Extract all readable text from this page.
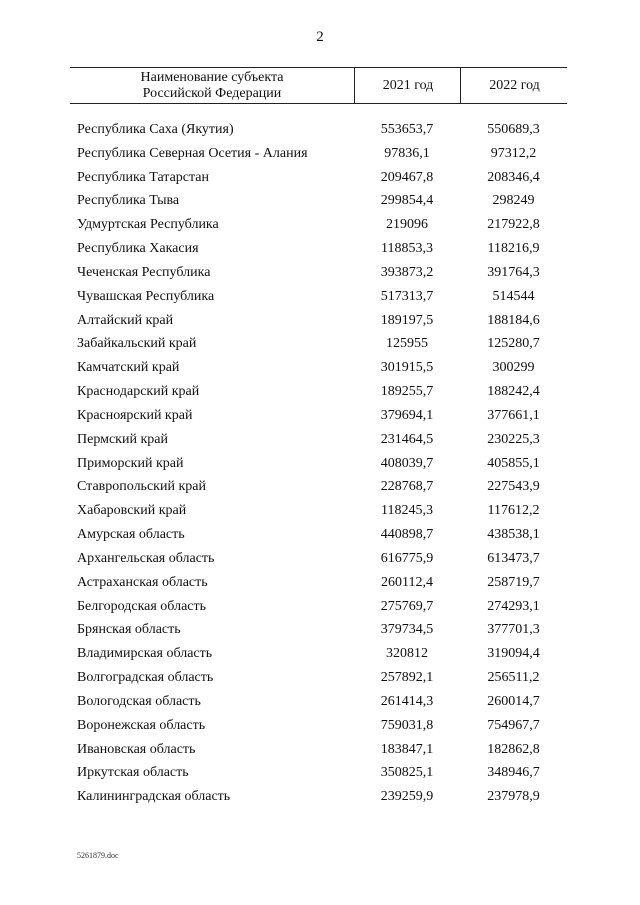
2
Наименование субъекта
Российской Федерации
2021 год	2022 год
Республика Саха (Якутия)	553653,7	550689,3
Республика Северная Осетия - Алания	97836,1	97312,2
Республика Татарстан	209467,8	208346,4
Республика Тыва	299854,4	298249
Удмуртская Республика	219096	217922,8
Республика Хакасия	118853,3	118216,9
Чеченская Республика	393873,2	391764,3
Чувашская Республика	517313,7	514544
Алтайский край	189197,5	188184,6
Забайкальский край	125955	125280,7
Камчатский край	301915,5	300299
Краснодарский край	189255,7	188242,4
Красноярский край	379694,1	377661,1
Пермский край	231464,5	230225,3
Приморский край	408039,7	405855,1
Ставропольский край	228768,7	227543,9
Хабаровский край	118245,3	117612,2
Амурская область	440898,7	438538,1
Архангельская область	616775,9	613473,7
Астраханская область	260112,4	258719,7
Белгородская область	275769,7	274293,1
Брянская область	379734,5	377701,3
Владимирская область	320812	319094,4
Волгоградская область	257892,1	256511,2
Вологодская область	261414,3	260014,7
Воронежская область	759031,8	754967,7
Ивановская область	183847,1	182862,8
Иркутская область	350825,1	348946,7
Калининградская область	239259,9	237978,9
5261879.doc
